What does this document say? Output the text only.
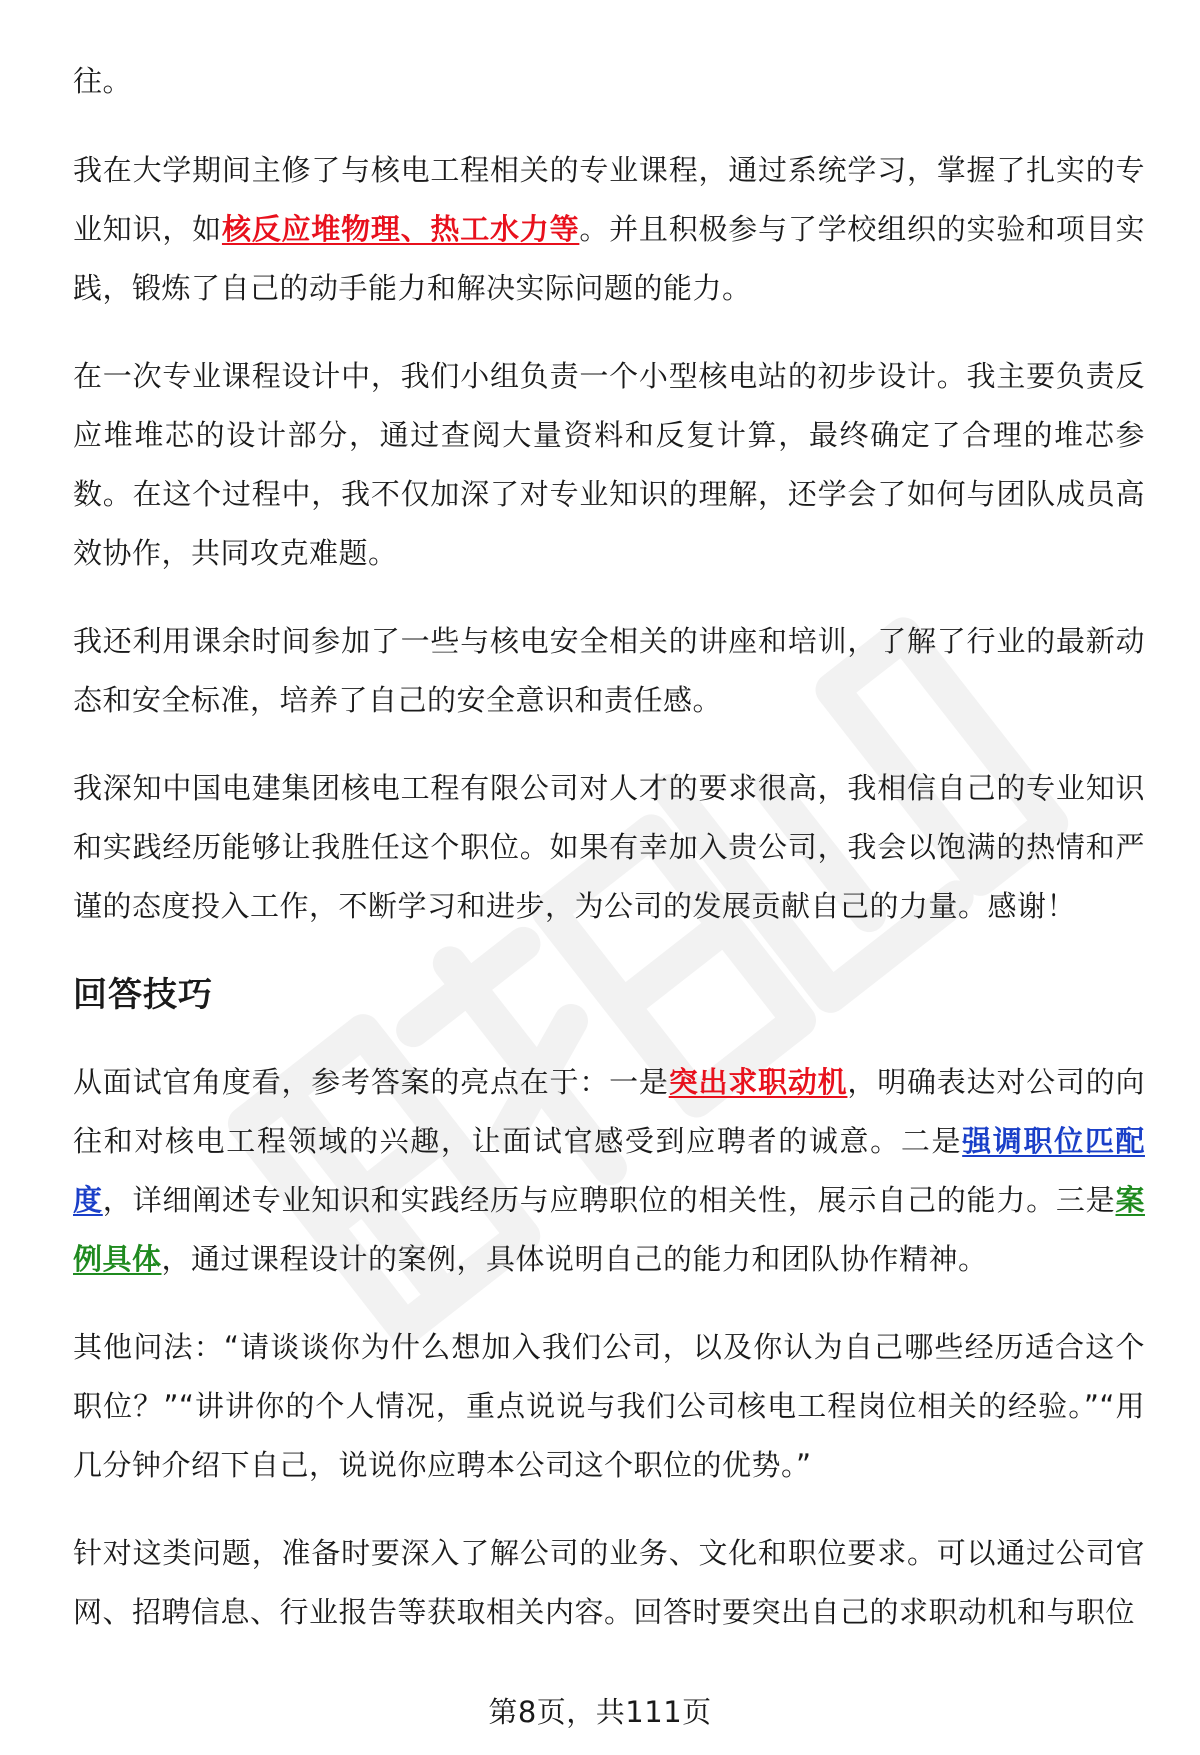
往。

我在大学期间主修了与核电工程相关的专业课程，通过系统学习，掌握了扎实的专业知识，如核反应堆物理、热工水力等。并且积极参与了学校组织的实验和项目实践，锻炼了自己的动手能力和解决实际问题的能力。

在一次专业课程设计中，我们小组负责一个小型核电站的初步设计。我主要负责反应堆堆芯的设计部分，通过查阅大量资料和反复计算，最终确定了合理的堆芯参数。在这个过程中，我不仅加深了对专业知识的理解，还学会了如何与团队成员高效协作，共同攻克难题。

我还利用课余时间参加了一些与核电安全相关的讲座和培训，了解了行业的最新动态和安全标准，培养了自己的安全意识和责任感。

我深知中国电建集团核电工程有限公司对人才的要求很高，我相信自己的专业知识和实践经历能够让我胜任这个职位。如果有幸加入贵公司，我会以饱满的热情和严谨的态度投入工作，不断学习和进步，为公司的发展贡献自己的力量。感谢！

回答技巧

从面试官角度看，参考答案的亮点在于：一是突出求职动机，明确表达对公司的向往和对核电工程领域的兴趣，让面试官感受到应聘者的诚意。二是强调职位匹配度，详细阐述专业知识和实践经历与应聘职位的相关性，展示自己的能力。三是案例具体，通过课程设计的案例，具体说明自己的能力和团队协作精神。

其他问法：“请谈谈你为什么想加入我们公司，以及你认为自己哪些经历适合这个职位？”“讲讲你的个人情况，重点说说与我们公司核电工程岗位相关的经验。”“用几分钟介绍下自己，说说你应聘本公司这个职位的优势。”

针对这类问题，准备时要深入了解公司的业务、文化和职位要求。可以通过公司官网、招聘信息、行业报告等获取相关内容。回答时要突出自己的求职动机和与职位

第8页，共111页
